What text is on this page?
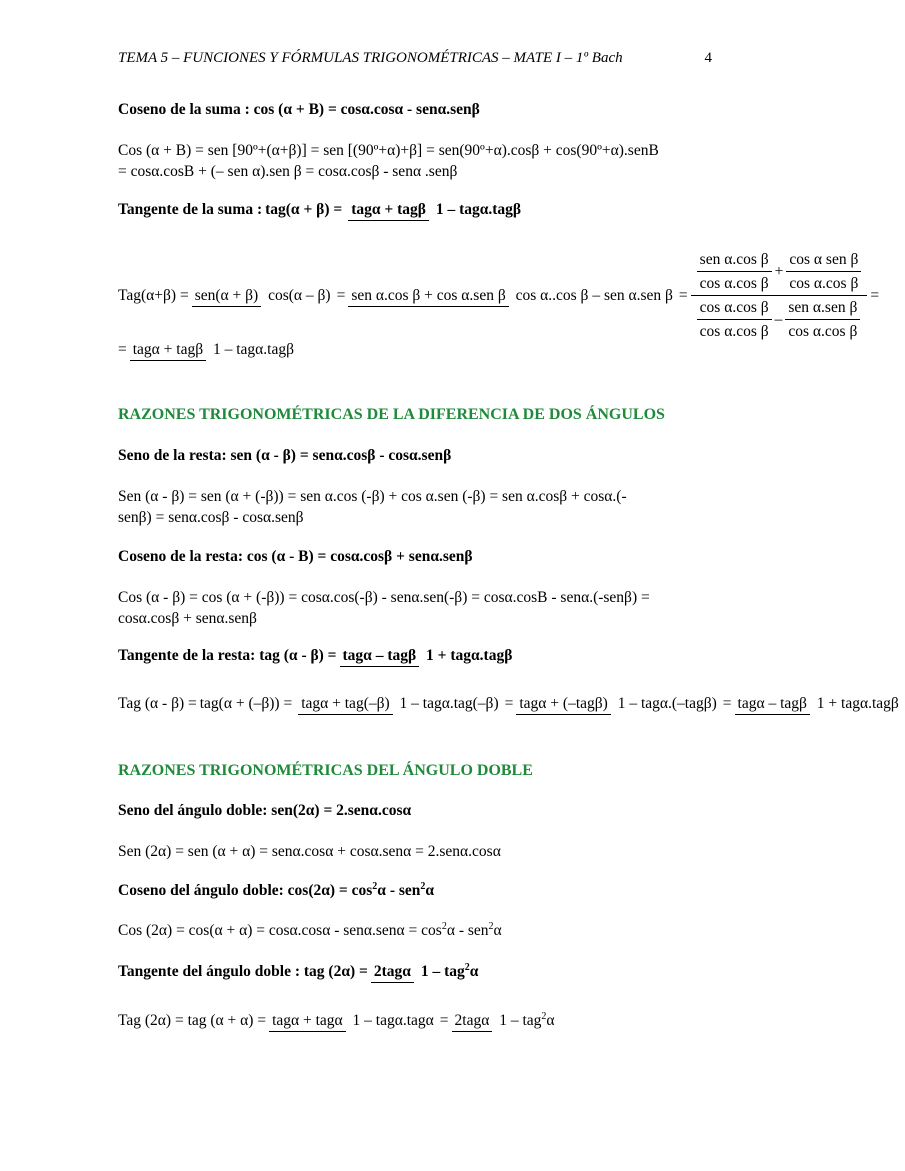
TEMA 5 – FUNCIONES Y FÓRMULAS TRIGONOMÉTRICAS – MATE I – 1º Bach	4
Coseno de la suma : cos (α + B) = cosα.cosα - senα.senβ
Cos (α + B) = sen [90º+(α+β)] = sen [(90º+α)+β] = sen(90º+α).cosβ + cos(90º+α).senB
= cosα.cosB + (– sen α).sen β = cosα.cosβ - senα .senβ
Tangente de la suma : tag(α + β) = tagα + tagβ 1 – tagα.tagβ
Tag(α+β) = sen(α + β) cos(α – β) = sen α.cos β + cos α.sen β cos α..cos β – sen α.sen β =
$\frac{\text{sen α.cos β}}{\text{cos α.cos β}} + \frac{\text{cos α sen β}}{\text{cos α.cos β}}$
$\frac{\text{cos α.cos β}}{\text{cos α.cos β}} - \frac{\text{sen α.sen β}}{\text{cos α.cos β}}$
=
= tagα + tagβ 1 – tagα.tagβ
RAZONES TRIGONOMÉTRICAS DE LA DIFERENCIA DE DOS ÁNGULOS
Seno de la resta: sen (α - β) = senα.cosβ - cosα.senβ
Sen (α - β) = sen (α + (-β)) = sen α.cos (-β) + cos α.sen (-β) = sen α.cosβ + cosα.(-
senβ) = senα.cosβ - cosα.senβ
Coseno de la resta: cos (α - B) = cosα.cosβ + senα.senβ
Cos (α - β) = cos (α + (-β)) = cosα.cos(-β) - senα.sen(-β) = cosα.cosB - senα.(-senβ) =
cosα.cosβ + senα.senβ
Tangente de la resta: tag (α - β) = tagα – tagβ 1 + tagα.tagβ
Tag (α - β) = tag(α + (–β)) = tagα + tag(–β) 1 – tagα.tag(–β) = tagα + (–tagβ) 1 – tagα.(–tagβ) = tagα – tagβ 1 + tagα.tagβ
RAZONES TRIGONOMÉTRICAS DEL ÁNGULO DOBLE
Seno del ángulo doble: sen(2α) = 2.senα.cosα
Sen (2α) = sen (α + α) = senα.cosα + cosα.senα = 2.senα.cosα
Coseno del ángulo doble: $\cos(2\alpha) = \cos^2\alpha - sen^2\alpha$
Cos $(2\alpha) = \cos(\alpha + \alpha) = \cos\alpha.\cos\alpha - sen\alpha.sen\alpha = \cos^2\alpha - sen^2\alpha$
Tangente del ángulo doble : tag (2α) = 2tagα 1 – tag$^2$α
Tag (2α) = tag (α + α) = tagα + tagα 1 – tagα.tagα = 2tagα 1 – tag$^2$α
